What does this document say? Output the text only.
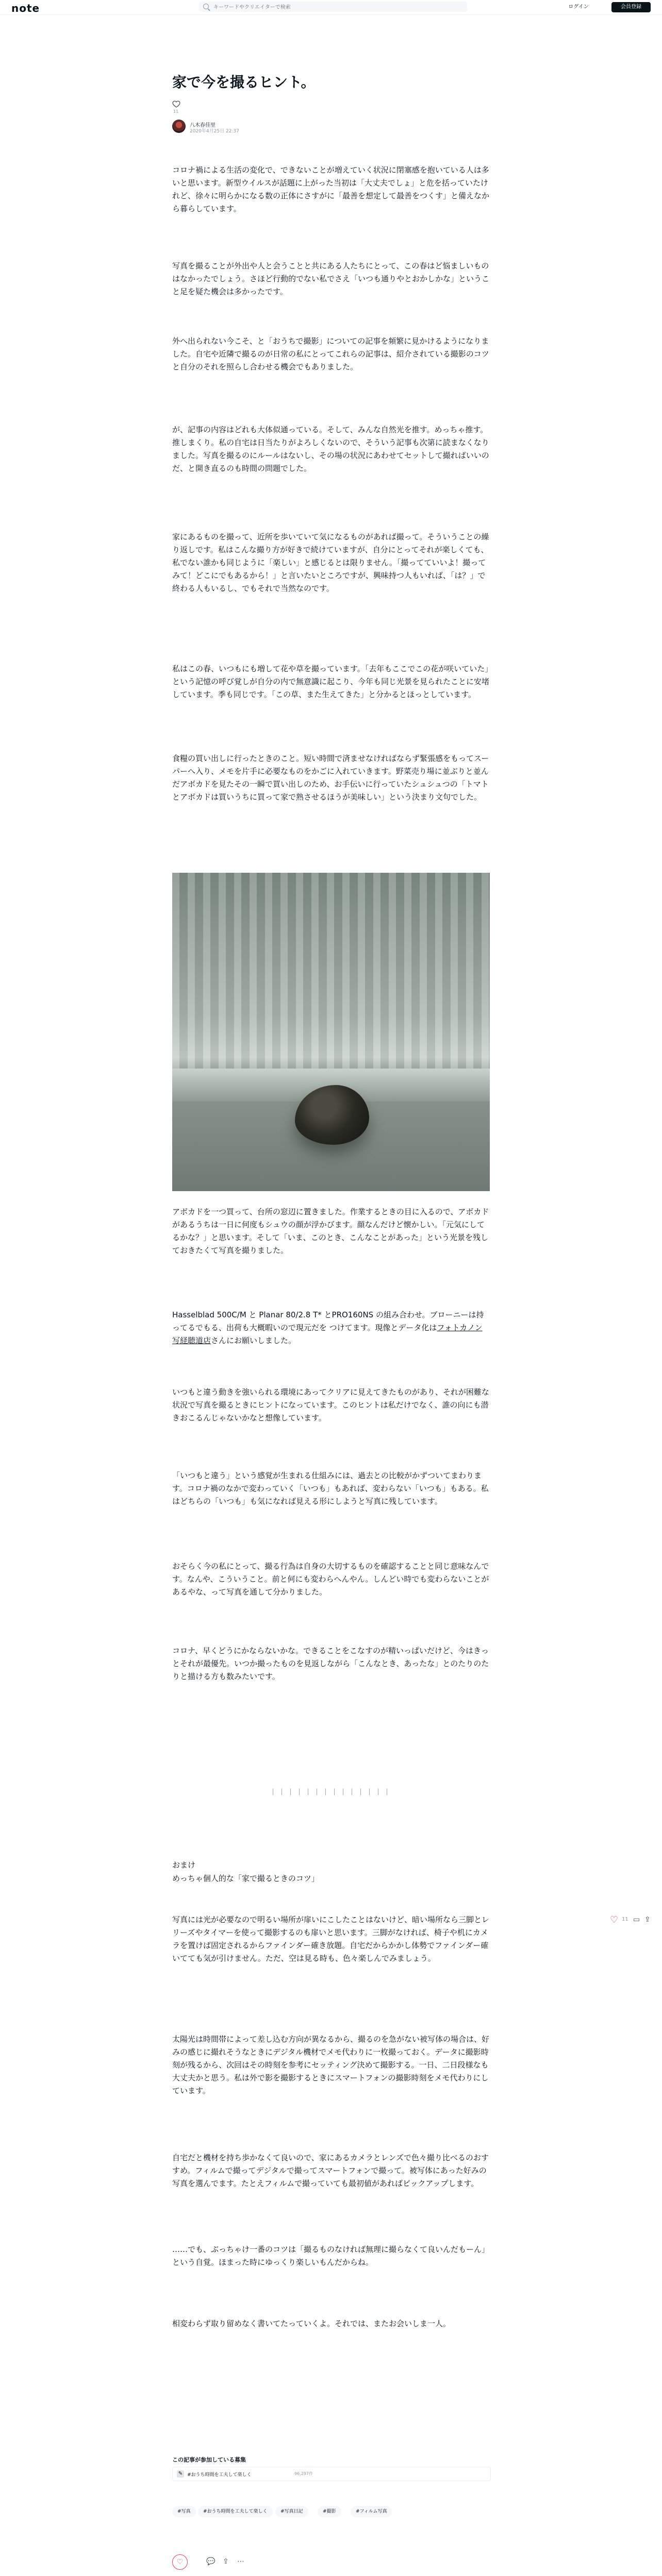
note
キーワードやクリエイターで検索	ログイン	会員登録
家で今を撮るヒント。
11
八木春佳里
2020年4月25日 22:37

コロナ禍による生活の変化で、できないことが増えていく状況に閉塞感を抱いている人は多いと思います。新型ウイルスが話題に上がった当初は「大丈夫でしょ」と危を括っていたけれど、徐々に明らかになる数の正体にさすがに「最善を想定して最善をつくす」と備えなから暮らしています。

写真を撮ることが外出や人と会うことと共にある人たちにとって、この春はど悩ましいものはなかったでしょう。さほど行動的でない私でさえ「いつも通りやとおかしかな」ということ足を疑た機会は多かったです。

外へ出られない今こそ、と「おうちで撮影」についての記事を頻繁に見かけるようになりました。自宅や近隣で撮るのが日常の私にとってこれらの記事は、紹介されている撮影のコツと自分のそれを照らし合わせる機会でもありました。

が、記事の内容はどれも大体似通っている。そして、みんな自然光を推す。めっちゃ推す。推しまくり。私の自宅は日当たりがよろしくないので、そういう記事も次第に読まなくなりました。写真を撮るのにルールはないし、その場の状況にあわせてセットして撮ればいいのだ、と開き直るのも時間の問題でした。

家にあるものを撮って、近所を歩いていて気になるものがあれば撮って。そういうことの繰り返しです。私はこんな撮り方が好きで続けていますが、自分にとってそれが楽しくても、私でない誰かも同じように「楽しい」と感じるとは限りません。「撮ってていいよ！撮ってみて！どこにでもあるから！」と言いたいところですが、興味持つ人もいれば、「は？」で終わる人もいるし、でもそれで当然なのです。

私はこの春、いつもにも増して花や草を撮っています。「去年もここでこの花が咲いていた」という記憶の呼び覚しが自分の内で無意識に起こり、今年も同じ光景を見られたことに安堵しています。季も同じです。「この草、また生えてきた」と分かるとほっとしています。

食糧の買い出しに行ったときのこと。短い時間で済ませなければならず緊張感をもってスーパーへ入り、メモを片手に必要なものをかごに入れていきます。野菜売り場に並ぶりと並んだアボカドを見たその一瞬で買い出しのため、お手伝いに行っていたシュシュつの「トマトとアボカドは買いうちに買って家で熟させるほうが美味しい」という決まり文句でした。

アボカドを一つ買って、台所の窓辺に置きました。作業するときの目に入るので、アボカドがあるうちは一日に何度もシュウの顔が浮かびます。顔なんだけど懐かしい。「元気にしてるかな？」と思います。そして「いま、このとき、こんなことがあった」という光景を残しておきたくて写真を撮りました。

Hasselblad 500C/M と Planar 80/2.8 T* とPRO160NS の組み合わせ。ブローニーは持ってるでもる、出荷も大概暇いので現元だを つけてます。現像とデータ化はフォトカノン写経聴道店さんにお願いしました。

いつもと違う動きを強いられる環境にあってクリアに見えてきたものがあり、それが困難な状況で写真を撮るときにヒントになっています。このヒントは私だけでなく、誰の向にも潜きおこるんじゃないかなと想像しています。

「いつもと違う」という感覚が生まれる仕組みには、過去との比較がかずついてまわります。コロナ禍のなかで変わっていく「いつも」もあれば、変わらない「いつも」もある。私はどちらの「いつも」も気になれば見える形にしようと写真に残しています。

おそらく今の私にとって、撮る行為は自身の大切するものを確認することと同じ意味なんです。なんや、こういうこと。前と何にも変わらへんやん。しんどい時でも変わらないことがあるやな、って写真を通して分かりました。

コロナ、早くどうにかならないかな。できることをこなすのが精いっぱいだけど、今はきっとそれが最優先。いつか撮ったものを見返しながら「こんなとき、あったな」とのたりのたりと描ける方も数みたいです。

｜｜｜｜｜｜｜｜｜｜｜｜｜｜

おまけ

めっちゃ個人的な「家で撮るときのコツ」

写真には光が必要なので明るい場所が扉いにこしたことはないけど、暗い場所なら三脚とレリーズやタイマーを使って撮影するのも扉いと思います。三脚がなければ、椅子や机にカメラを置けば固定されるからファインダー確き放題。自宅だからかかし体勢でファインダー確いてても気が引けません。ただ、空は見る時も、色々楽しんでみましょう。

太陽光は時間帯によって差し込む方向が異なるから、撮るのを急がない被写体の場合は、好みの感じに撮れそうなときにデジタル機材でメモ代わりに一枚撮っておく。データに撮影時刻が残るから、次回はその時刻を参考にセッティング決めて撮影する。一日、二日段様なも大丈夫かと思う。私は外で影を撮影するときにスマートフォンの撮影時刻をメモ代わりにしています。

自宅だと機材を持ち歩かなくて良いので、家にあるカメラとレンズで色々撮り比べるのおすすめ。フィルムで撮ってデジタルで撮ってスマートフォンで撮って。被写体にあった好みの写真を選んでます。たとえフィルムで撮っていても最初値があればピックアップします。

……でも、ぶっちゃけ一番のコツは「撮るものなければ無理に撮らなくて良いんだもーん」という自覚。ほまった時にゆっくり楽しいもんだからね。

相変わらず取り留めなく書いてたっていくよ。それでは、またお会いしま一人。

この記事が参加している募集
✎ #おうち時間を工夫して楽しく	96,297件
#写真	#おうち時間を工夫して楽しく	#写真日記	#撮影	#フィルム写真
♡	💬 ⇪ ⋯
♡ 11 ▭ ⇪
